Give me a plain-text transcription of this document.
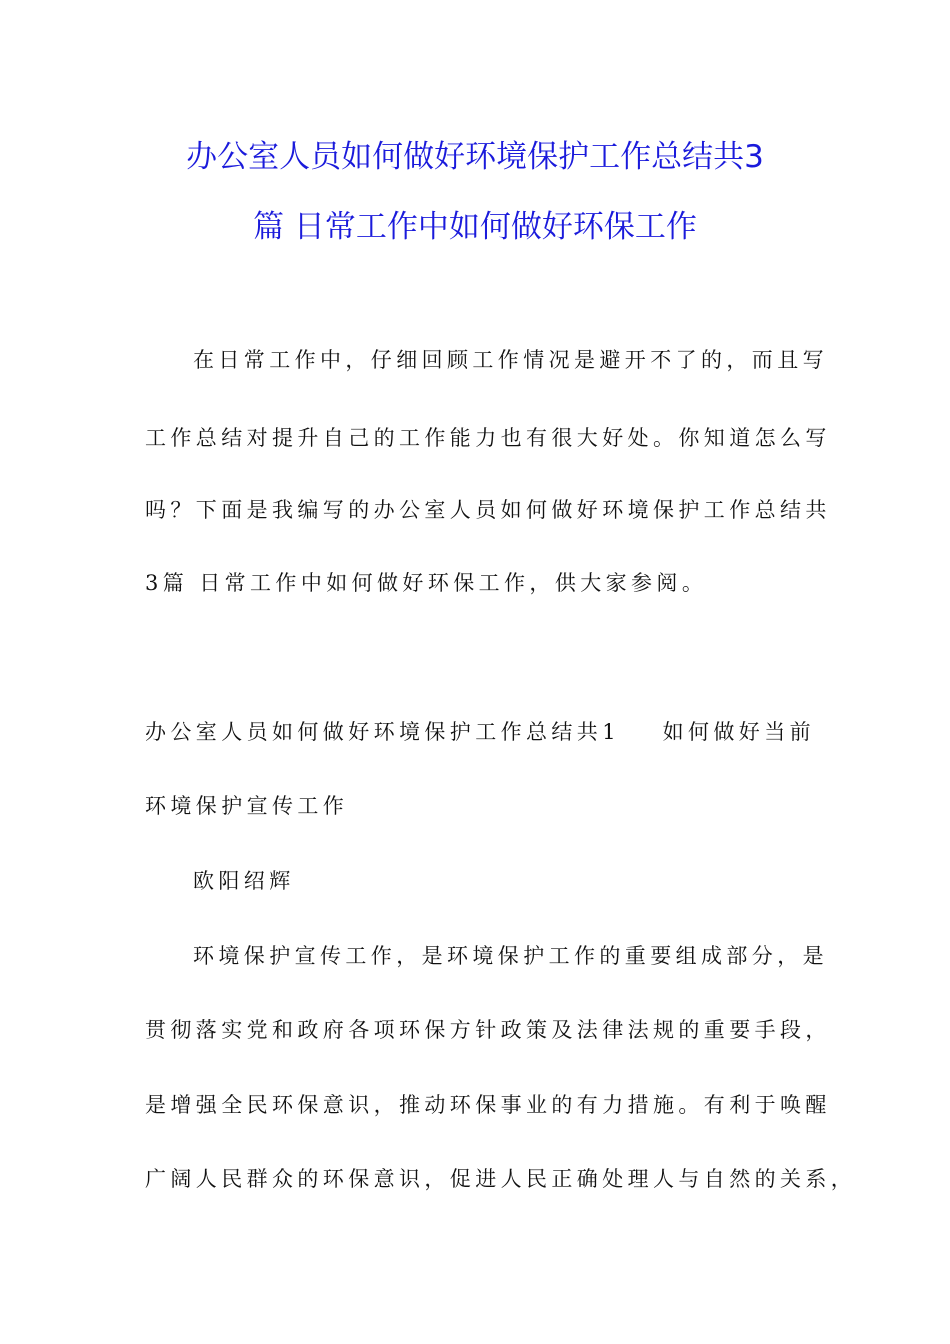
办公室人员如何做好环境保护工作总结共3
篇 日常工作中如何做好环保工作
在日常工作中，仔细回顾工作情况是避开不了的，而且写
工作总结对提升自己的工作能力也有很大好处。你知道怎么写
吗？下面是我编写的办公室人员如何做好环境保护工作总结共
3篇 日常工作中如何做好环保工作，供大家参阅。
办公室人员如何做好环境保护工作总结共1 如何做好当前
环境保护宣传工作
欧阳绍辉
环境保护宣传工作，是环境保护工作的重要组成部分，是
贯彻落实党和政府各项环保方针政策及法律法规的重要手段，
是增强全民环保意识，推动环保事业的有力措施。有利于唤醒
广阔人民群众的环保意识，促进人民正确处理人与自然的关系，
